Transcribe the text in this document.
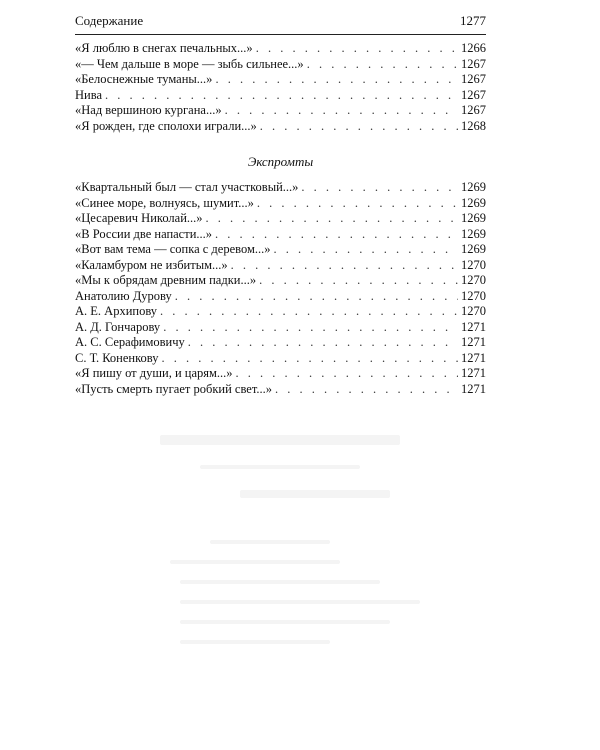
Содержание	1277
«Я люблю в снегах печальных...» . . .	1266
«— Чем дальше в море — зыбь сильнее...» . . .	1267
«Белоснежные туманы...» . . .	1267
Нива . . .	1267
«Над вершиною кургана...» . . .	1267
«Я рожден, где сполохи играли...» . . .	1268
Экспромты
«Квартальный был — стал участковый...» . . .	1269
«Синее море, волнуясь, шумит...» . . .	1269
«Цесаревич Николай...» . . .	1269
«В России две напасти...» . . .	1269
«Вот вам тема — сопка с деревом...» . . .	1269
«Каламбуром не избитым...» . . .	1270
«Мы к обрядам древним падки...» . . .	1270
Анатолию Дурову . . .	1270
А. Е. Архипову . . .	1270
А. Д. Гончарову . . .	1271
А. С. Серафимовичу . . .	1271
С. Т. Коненкову . . .	1271
«Я пишу от души, и царям...» . . .	1271
«Пусть смерть пугает робкий свет...» . . .	1271
